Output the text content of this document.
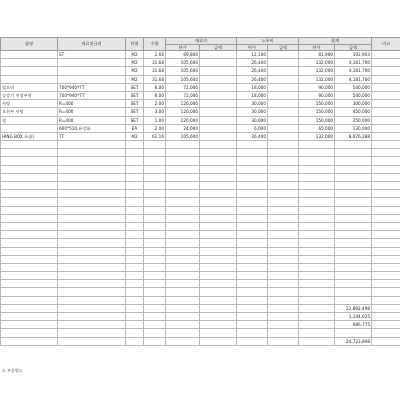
품명	재료및규격	단위	수량	재료비		노무비		합계		비고
				단가	금액	단가	금액	단가	금액	
	ST	M2	2.66	69,800		12,100		81,900	192,903	
		M2	31.68	105,600		26,400		132,000	4,181,760	
		M2	31.68	105,600		26,400		132,000	4,181,760	
		M2	31.68	105,600		26,400		132,000	4,181,760	
업프라	700*940*7T	SET	6.00	72,000		18,000		90,000	540,000	
승강기 천정부착	700*940*7T	SET	6.00	72,000		18,000		90,000	540,000	
사팅	R=400	SET	2.00	120,000		30,000		150,000	300,000	
오천부 사팅	R=400	SET	3.00	120,000		30,000		150,000	450,000	
링	R=400	SET	1.00	120,000		30,000		150,000	150,000	
	600*510,유강화	EA	2.00	24,000		6,000		65,000	130,000	
HING BOX 포함)	7T	M2	61.16	105,600		26,400		132,000	8,076,288	

									22,892,498	
									1,144,625	
									686,775	

									24,723,898	
도 부분별도
